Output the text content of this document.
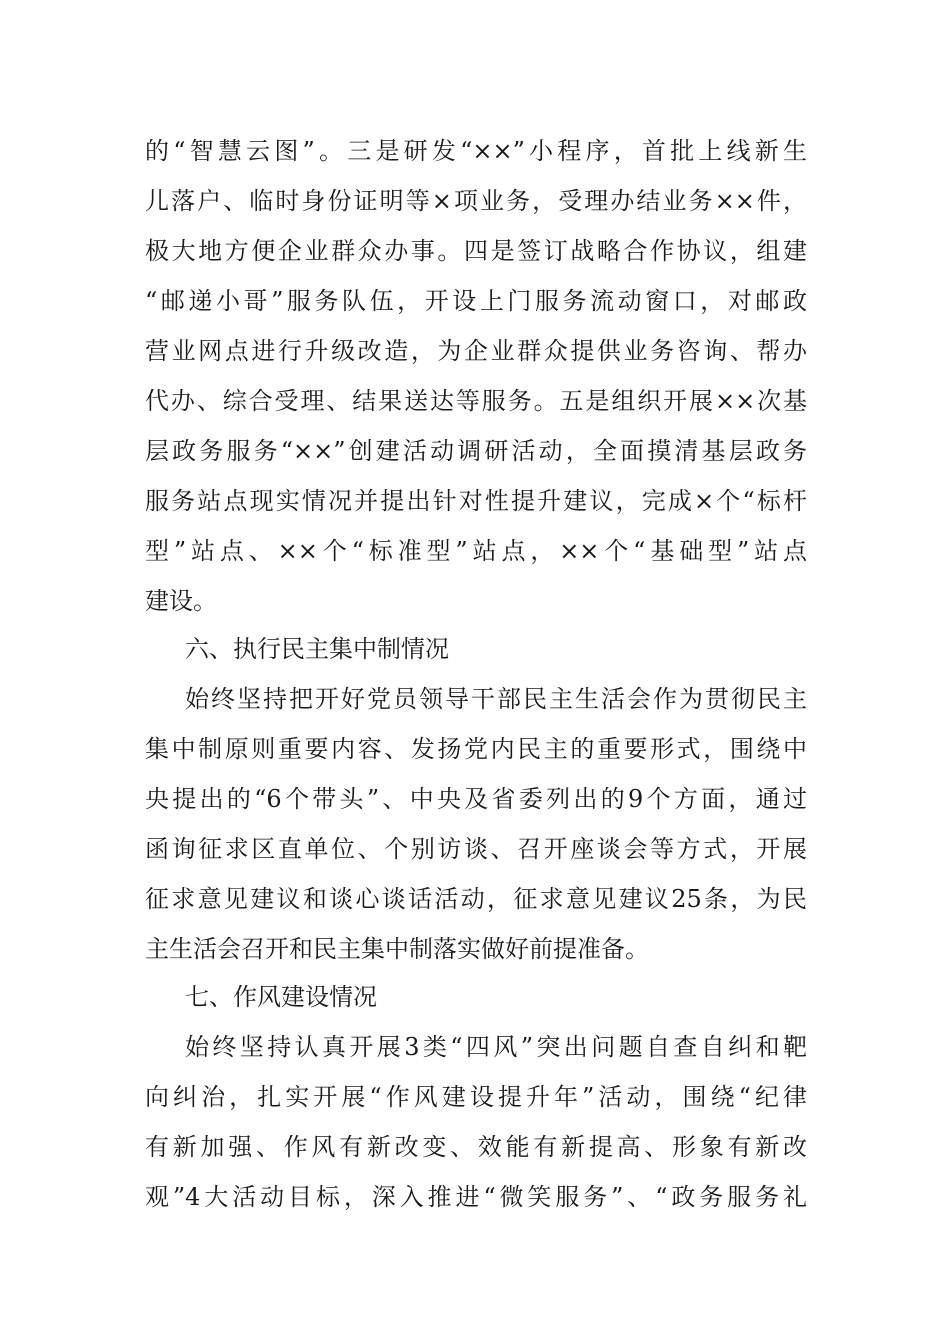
的“智慧云图”。三是研发“××”小程序，首批上线新生
儿落户、临时身份证明等×项业务，受理办结业务××件，
极大地方便企业群众办事。四是签订战略合作协议，组建
“邮递小哥”服务队伍，开设上门服务流动窗口，对邮政
营业网点进行升级改造，为企业群众提供业务咨询、帮办
代办、综合受理、结果送达等服务。五是组织开展××次基
层政务服务“××”创建活动调研活动，全面摸清基层政务
服务站点现实情况并提出针对性提升建议，完成×个“标杆
型”站点、××个“标准型”站点，××个“基础型”站点
建设。
六、执行民主集中制情况
始终坚持把开好党员领导干部民主生活会作为贯彻民主
集中制原则重要内容、发扬党内民主的重要形式，围绕中
央提出的“6个带头”、中央及省委列出的9个方面，通过
函询征求区直单位、个别访谈、召开座谈会等方式，开展
征求意见建议和谈心谈话活动，征求意见建议25条，为民
主生活会召开和民主集中制落实做好前提准备。
七、作风建设情况
始终坚持认真开展3类“四风”突出问题自查自纠和靶
向纠治，扎实开展“作风建设提升年”活动，围绕“纪律
有新加强、作风有新改变、效能有新提高、形象有新改
观”4大活动目标，深入推进“微笑服务”、“政务服务礼
